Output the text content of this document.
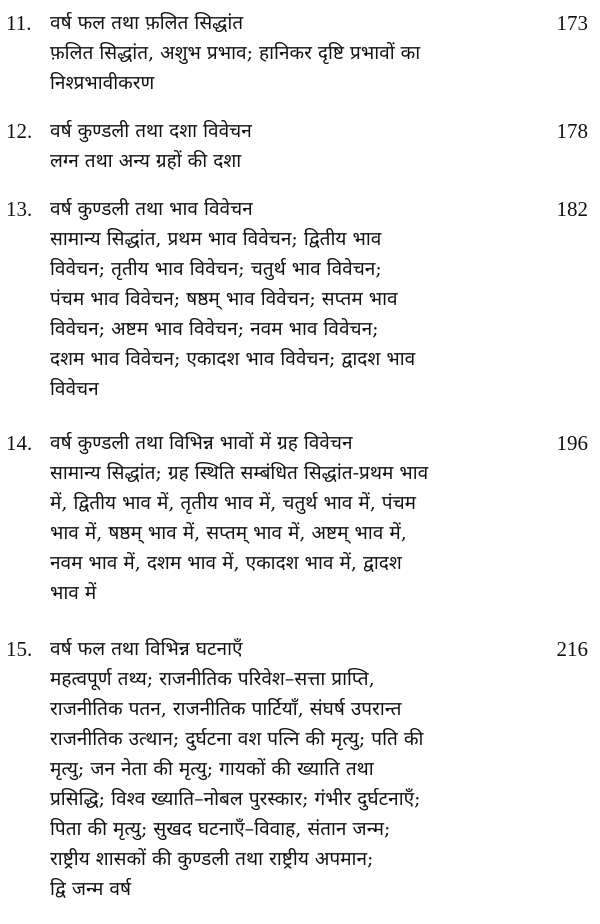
11. वर्ष फल तथा फ़लित सिद्धांत	173
फ़लित सिद्धांत, अशुभ प्रभाव; हानिकर दृष्टि प्रभावों का
निश्प्रभावीकरण
12. वर्ष कुण्डली तथा दशा विवेचन	178
लग्न तथा अन्य ग्रहों की दशा
13. वर्ष कुण्डली तथा भाव विवेचन	182
सामान्य सिद्धांत, प्रथम भाव विवेचन; द्वितीय भाव
विवेचन; तृतीय भाव विवेचन; चतुर्थ भाव विवेचन;
पंचम भाव विवेचन; षष्ठम् भाव विवेचन; सप्तम भाव
विवेचन; अष्टम भाव विवेचन; नवम भाव विवेचन;
दशम भाव विवेचन; एकादश भाव विवेचन; द्वादश भाव
विवेचन
14. वर्ष कुण्डली तथा विभिन्न भावों में ग्रह विवेचन	196
सामान्य सिद्धांत; ग्रह स्थिति सम्बंधित सिद्धांत-प्रथम भाव
में, द्वितीय भाव में, तृतीय भाव में, चतुर्थ भाव में, पंचम
भाव में, षष्ठम् भाव में, सप्तम् भाव में, अष्टम् भाव में,
नवम भाव में, दशम भाव में, एकादश भाव में, द्वादश
भाव में
15. वर्ष फल तथा विभिन्न घटनाएँ	216
महत्वपूर्ण तथ्य; राजनीतिक परिवेश–सत्ता प्राप्ति,
राजनीतिक पतन, राजनीतिक पार्टियाँ, संघर्ष उपरान्त
राजनीतिक उत्थान; दुर्घटना वश पत्नि की मृत्यु; पति की
मृत्यु; जन नेता की मृत्यु; गायकों की ख्याति तथा
प्रसिद्धि; विश्व ख्याति–नोबल पुरस्कार; गंभीर दुर्घटनाएँ;
पिता की मृत्यु; सुखद घटनाएँ–विवाह, संतान जन्म;
राष्ट्रीय शासकों की कुण्डली तथा राष्ट्रीय अपमान;
द्वि जन्म वर्ष
